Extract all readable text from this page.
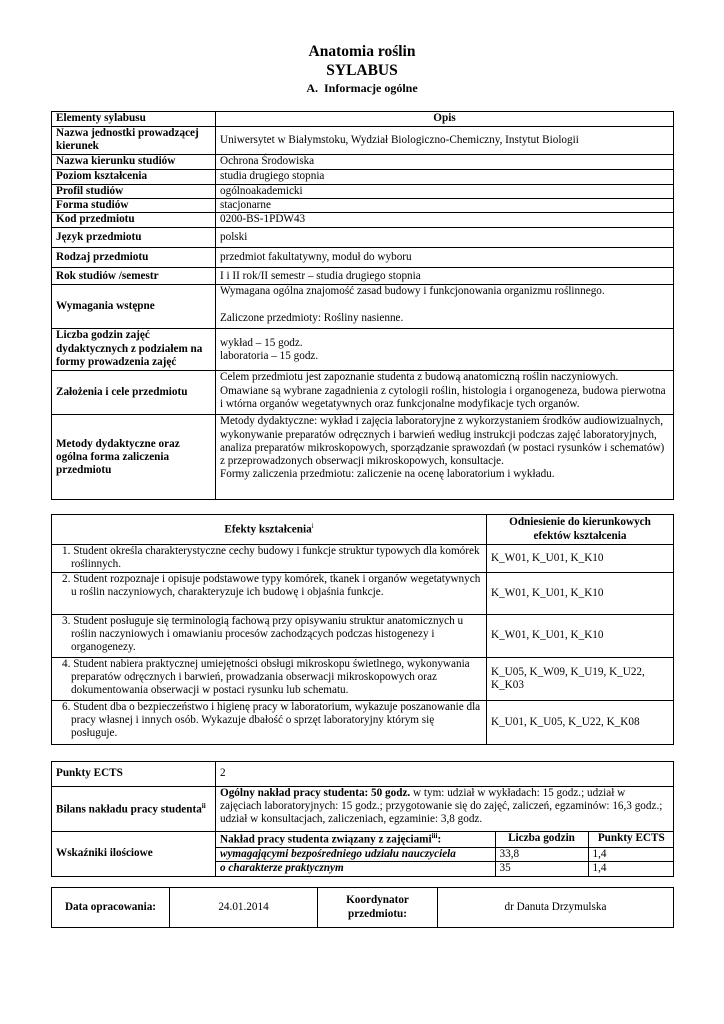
Anatomia roślin
SYLABUS
A.  Informacje ogólne
Elementy sylabusu	Opis
Nazwa jednostki prowadzącej kierunek	Uniwersytet w Białymstoku, Wydział Biologiczno-Chemiczny, Instytut Biologii
Nazwa kierunku studiów	Ochrona Środowiska
Poziom kształcenia	studia drugiego stopnia
Profil studiów	ogólnoakademicki
Forma studiów	stacjonarne
Kod przedmiotu	0200-BS-1PDW43
Język przedmiotu	polski
Rodzaj przedmiotu	przedmiot fakultatywny, moduł do wyboru
Rok studiów /semestr	I i II rok/II semestr – studia drugiego stopnia
Wymagania wstępne	Wymagana ogólna znajomość zasad budowy i funkcjonowania organizmu roślinnego.
Zaliczone przedmioty: Rośliny nasienne.

Liczba godzin zajęć dydaktycznych z podziałem na formy prowadzenia zajęć	wykład – 15 godz.
laboratoria – 15 godz.

Założenia i cele przedmiotu	Celem przedmiotu jest zapoznanie studenta z budową anatomiczną roślin naczyniowych. Omawiane są wybrane zagadnienia z cytologii roślin, histologia i organogeneza, budowa pierwotna i wtórna organów wegetatywnych oraz funkcjonalne modyfikacje tych organów.
Metody dydaktyczne oraz ogólna forma zaliczenia przedmiotu	Metody dydaktyczne: wykład i zajęcia laboratoryjne z wykorzystaniem środków audiowizualnych, wykonywanie preparatów odręcznych i barwień według instrukcji podczas zajęć laboratoryjnych, analiza preparatów mikroskopowych, sporządzanie sprawozdań (w postaci rysunków i schematów) z przeprowadzonych obserwacji mikroskopowych, konsultacje.
Formy zaliczenia przedmiotu: zaliczenie na ocenę laboratorium i wykładu.
Efekty kształcenia$^i$	Odniesienie do kierunkowych efektów kształcenia

1. Student określa charakterystyczne cechy budowy i funkcje struktur typowych dla komórek roślinnych.	K_W01, K_U01, K_K10

2. Student rozpoznaje i opisuje podstawowe typy komórek, tkanek i organów wegetatywnych u roślin naczyniowych, charakteryzuje ich budowę i objaśnia funkcje.	K_W01, K_U01, K_K10

3. Student posługuje się terminologią fachową przy opisywaniu struktur anatomicznych u roślin naczyniowych i omawianiu procesów zachodzących podczas histogenezy i organogenezy.	K_W01, K_U01, K_K10

4. Student nabiera praktycznej umiejętności obsługi mikroskopu świetlnego, wykonywania preparatów odręcznych i barwień, prowadzania obserwacji mikroskopowych oraz dokumentowania obserwacji w postaci rysunku lub schematu.	K_U05, K_W09, K_U19, K_U22, K_K03

6. Student dba o bezpieczeństwo i higienę pracy w laboratorium, wykazuje poszanowanie dla pracy własnej i innych osób. Wykazuje dbałość o sprzęt laboratoryjny którym się posługuje.	K_U01, K_U05, K_U22, K_K08
Punkty ECTS	2
Bilans nakładu pracy studenta$^{ii}$	Ogólny nakład pracy studenta: 50 godz. w tym: udział w wykładach: 15 godz.; udział w zajęciach laboratoryjnych: 15 godz.; przygotowanie się do zajęć, zaliczeń, egzaminów: 16,3 godz.; udział w konsultacjach, zaliczeniach, egzaminie: 3,8 godz.
Wskaźniki ilościowe	
Nakład pracy studenta związany z zajęciami$^{iii}$:	Liczba godzin	Punkty ECTS
wymagającymi bezpośredniego udziału nauczyciela	33,8	1,4
o charakterze praktycznym	35	1,4
Data opracowania:	24.01.2014	Koordynator przedmiotu:	dr Danuta Drzymulska
